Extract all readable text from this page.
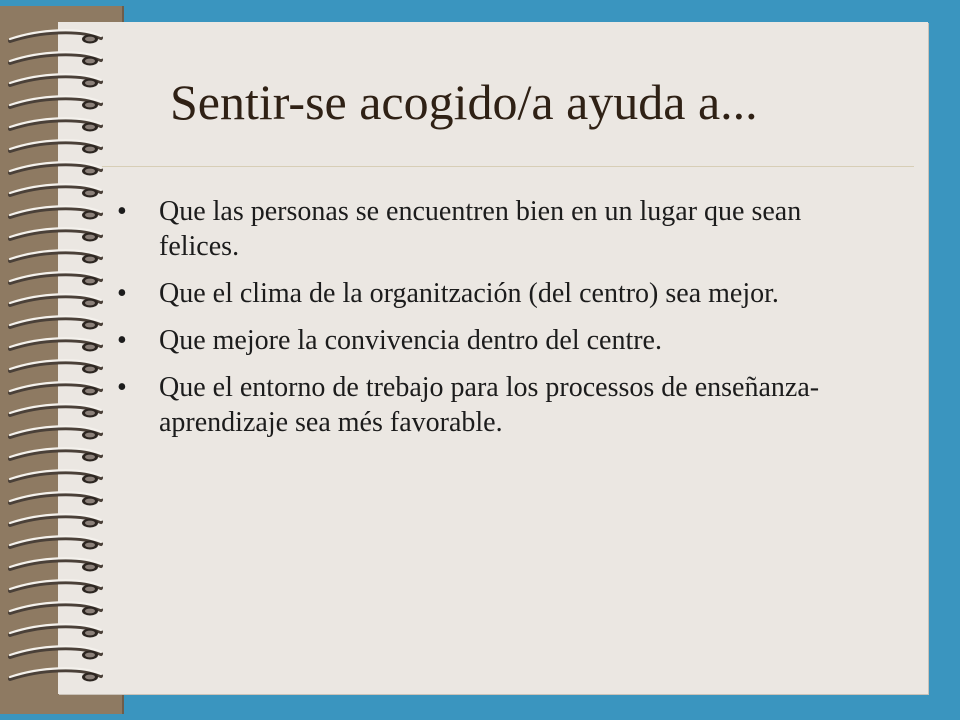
Sentir-se acogido/a ayuda a...
• Que las personas se encuentren bien en un lugar que sean felices.
• Que el clima de la organitzación (del centro) sea mejor.
• Que mejore la convivencia dentro del centre.
• Que el entorno de trebajo para los processos de enseñanza-aprendizaje sea més favorable.
